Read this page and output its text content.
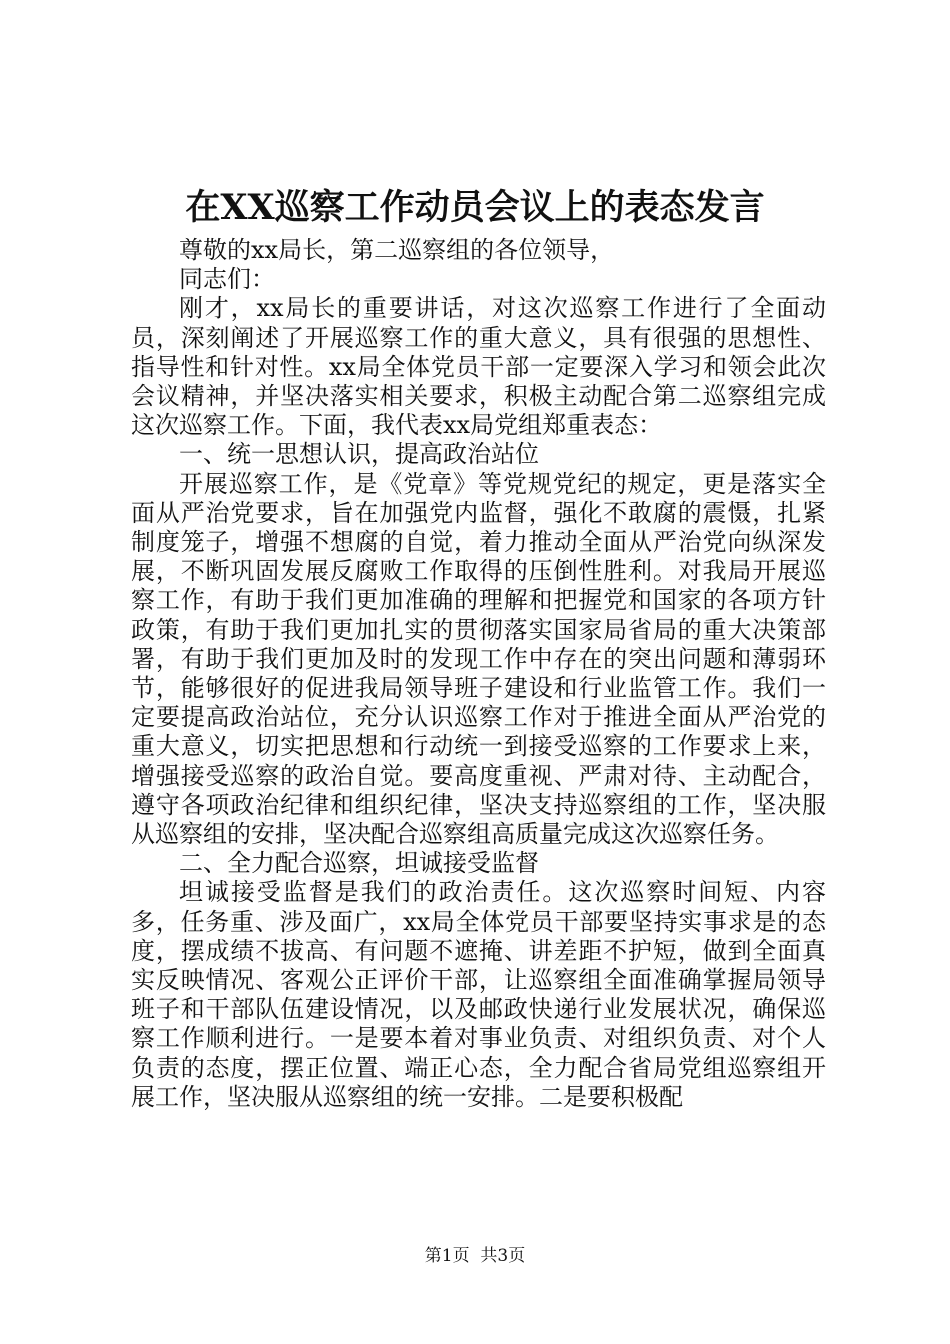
在XX巡察工作动员会议上的表态发言

尊敬的xx局长，第二巡察组的各位领导，

同志们：

刚才，xx局长的重要讲话，对这次巡察工作进行了全面动员，深刻阐述了开展巡察工作的重大意义，具有很强的思想性、指导性和针对性。xx局全体党员干部一定要深入学习和领会此次会议精神，并坚决落实相关要求，积极主动配合第二巡察组完成这次巡察工作。下面，我代表xx局党组郑重表态：

一、统一思想认识，提高政治站位

开展巡察工作，是《党章》等党规党纪的规定，更是落实全面从严治党要求，旨在加强党内监督，强化不敢腐的震慑，扎紧制度笼子，增强不想腐的自觉，着力推动全面从严治党向纵深发展，不断巩固发展反腐败工作取得的压倒性胜利。对我局开展巡察工作，有助于我们更加准确的理解和把握党和国家的各项方针政策，有助于我们更加扎实的贯彻落实国家局省局的重大决策部署，有助于我们更加及时的发现工作中存在的突出问题和薄弱环节，能够很好的促进我局领导班子建设和行业监管工作。我们一定要提高政治站位，充分认识巡察工作对于推进全面从严治党的重大意义，切实把思想和行动统一到接受巡察的工作要求上来，增强接受巡察的政治自觉。要高度重视、严肃对待、主动配合，遵守各项政治纪律和组织纪律，坚决支持巡察组的工作，坚决服从巡察组的安排，坚决配合巡察组高质量完成这次巡察任务。

二、全力配合巡察，坦诚接受监督

坦诚接受监督是我们的政治责任。这次巡察时间短、内容多，任务重、涉及面广，xx局全体党员干部要坚持实事求是的态度，摆成绩不拔高、有问题不遮掩、讲差距不护短，做到全面真实反映情况、客观公正评价干部，让巡察组全面准确掌握局领导班子和干部队伍建设情况，以及邮政快递行业发展状况，确保巡察工作顺利进行。一是要本着对事业负责、对组织负责、对个人负责的态度，摆正位置、端正心态，全力配合省局党组巡察组开展工作，坚决服从巡察组的统一安排。二是要积极配

第1页  共3页
